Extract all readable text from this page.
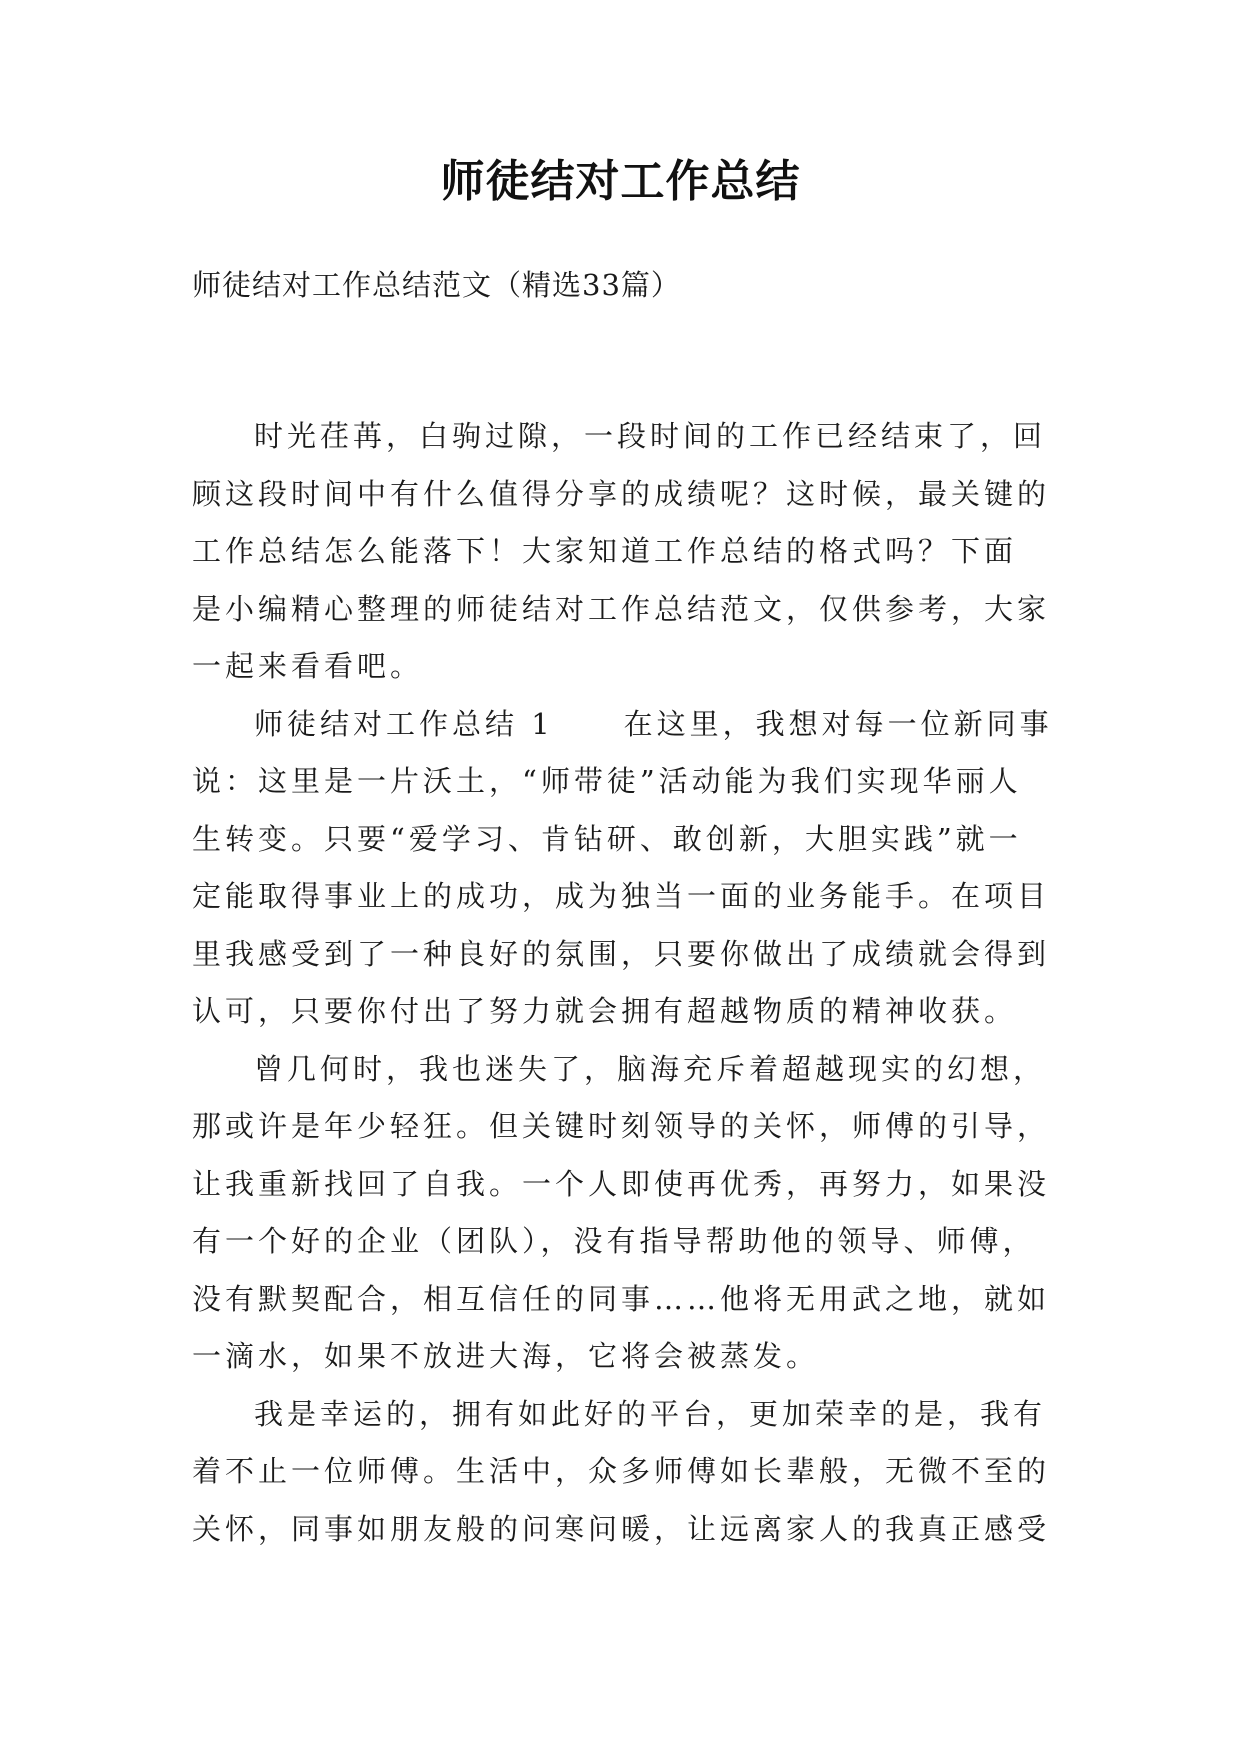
师徒结对工作总结
师徒结对工作总结范文（精选33篇）

时光荏苒，白驹过隙，一段时间的工作已经结束了，回
顾这段时间中有什么值得分享的成绩呢？这时候，最关键的
工作总结怎么能落下！大家知道工作总结的格式吗？下面
是小编精心整理的师徒结对工作总结范文，仅供参考，大家
一起来看看吧。

师徒结对工作总结 1 在这里，我想对每一位新同事
说：这里是一片沃土，“师带徒”活动能为我们实现华丽人
生转变。只要“爱学习、肯钻研、敢创新，大胆实践”就一
定能取得事业上的成功，成为独当一面的业务能手。在项目
里我感受到了一种良好的氛围，只要你做出了成绩就会得到
认可，只要你付出了努力就会拥有超越物质的精神收获。

曾几何时，我也迷失了，脑海充斥着超越现实的幻想，
那或许是年少轻狂。但关键时刻领导的关怀，师傅的引导，
让我重新找回了自我。一个人即使再优秀，再努力，如果没
有一个好的企业（团队），没有指导帮助他的领导、师傅，
没有默契配合，相互信任的同事……他将无用武之地，就如
一滴水，如果不放进大海，它将会被蒸发。

我是幸运的，拥有如此好的平台，更加荣幸的是，我有
着不止一位师傅。生活中，众多师傅如长辈般，无微不至的
关怀，同事如朋友般的问寒问暖，让远离家人的我真正感受
